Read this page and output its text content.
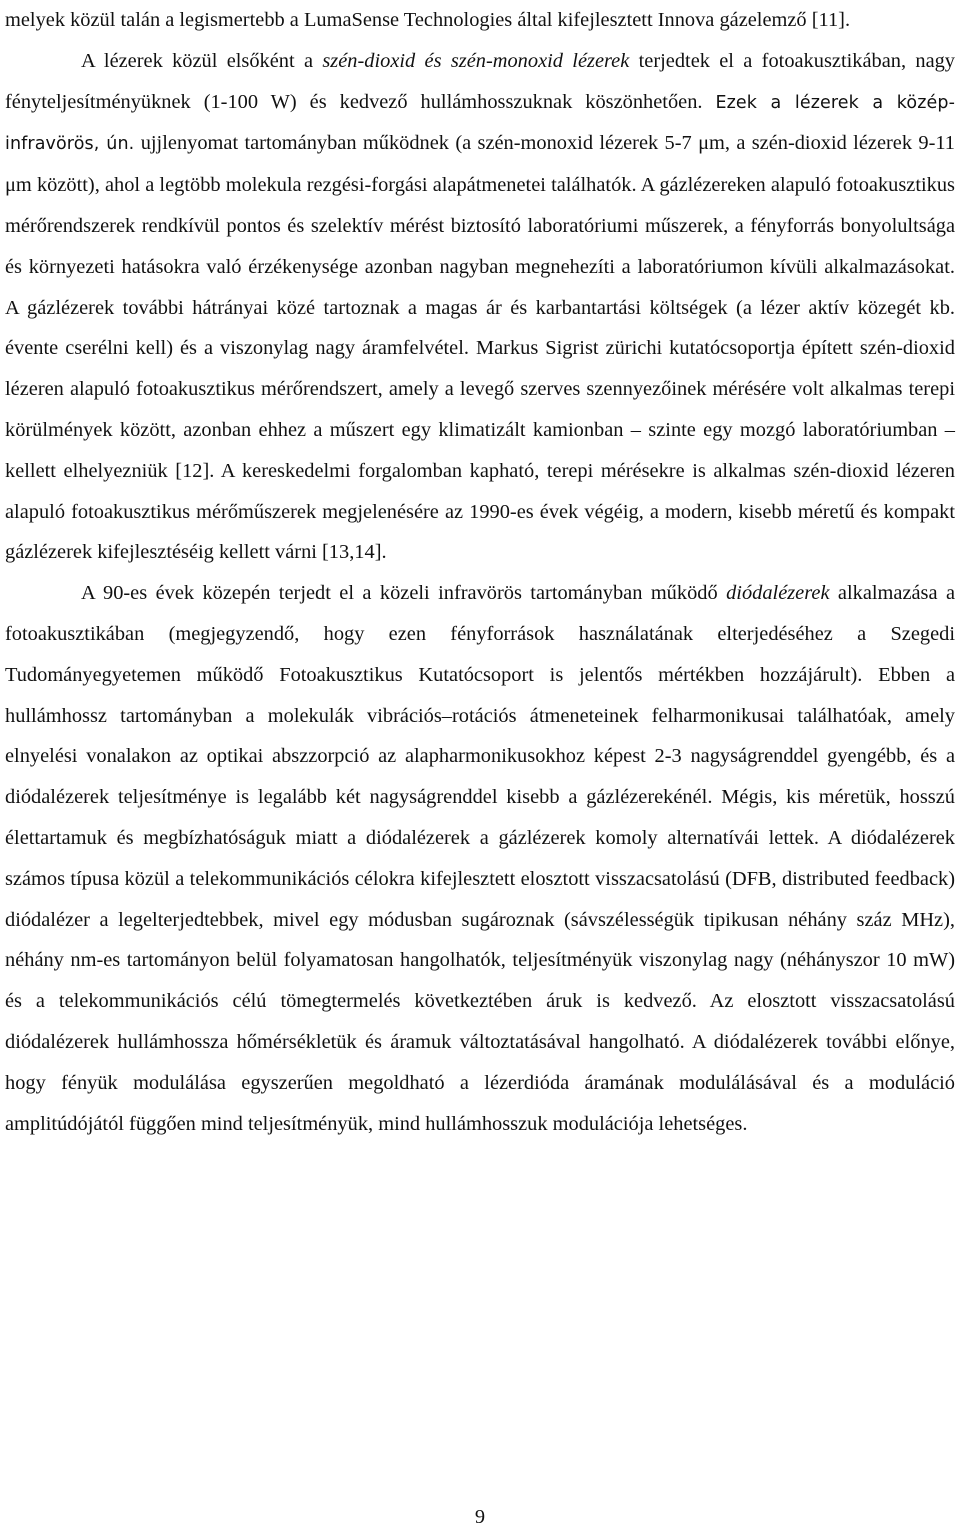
melyek közül talán a legismertebb a LumaSense Technologies által kifejlesztett Innova gázelemző [11].

A lézerek közül elsőként a szén-dioxid és szén-monoxid lézerek terjedtek el a fotoakusztikában, nagy fényteljesítményüknek (1-100 W) és kedvező hullámhosszuknak köszönhetően. Ezek a lézerek a közép-infravörös, ún. ujjlenyomat tartományban működnek (a szén-monoxid lézerek 5-7 μm, a szén-dioxid lézerek 9-11 μm között), ahol a legtöbb molekula rezgési-forgási alapátmenetei találhatók. A gázlézereken alapuló fotoakusztikus mérőrendszerek rendkívül pontos és szelektív mérést biztosító laboratóriumi műszerek, a fényforrás bonyolultsága és környezeti hatásokra való érzékenysége azonban nagyban megnehezíti a laboratóriumon kívüli alkalmazásokat. A gázlézerek további hátrányai közé tartoznak a magas ár és karbantartási költségek (a lézer aktív közegét kb. évente cserélni kell) és a viszonylag nagy áramfelvétel. Markus Sigrist zürichi kutatócsoportja épített szén-dioxid lézeren alapuló fotoakusztikus mérőrendszert, amely a levegő szerves szennyezőinek mérésére volt alkalmas terepi körülmények között, azonban ehhez a műszert egy klimatizált kamionban – szinte egy mozgó laboratóriumban – kellett elhelyezniük [12]. A kereskedelmi forgalomban kapható, terepi mérésekre is alkalmas szén-dioxid lézeren alapuló fotoakusztikus mérőműszerek megjelenésére az 1990-es évek végéig, a modern, kisebb méretű és kompakt gázlézerek kifejlesztéséig kellett várni [13,14].

A 90-es évek közepén terjedt el a közeli infravörös tartományban működő diódalézerek alkalmazása a fotoakusztikában (megjegyzendő, hogy ezen fényforrások használatának elterjedéséhez a Szegedi Tudományegyetemen működő Fotoakusztikus Kutatócsoport is jelentős mértékben hozzájárult). Ebben a hullámhossz tartományban a molekulák vibrációs–rotációs átmeneteinek felharmonikusai találhatóak, amely elnyelési vonalakon az optikai abszzorpció az alapharmonikusokhoz képest 2-3 nagyságrenddel gyengébb, és a diódalézerek teljesítménye is legalább két nagyságrenddel kisebb a gázlézerekénél. Mégis, kis méretük, hosszú élettartamuk és megbízhatóságuk miatt a diódalézerek a gázlézerek komoly alternatívái lettek. A diódalézerek számos típusa közül a telekommunikációs célokra kifejlesztett elosztott visszacsatolású (DFB, distributed feedback) diódalézer a legelterjedtebbek, mivel egy módusban sugároznak (sávszélességük tipikusan néhány száz MHz), néhány nm-es tartományon belül folyamatosan hangolhatók, teljesítményük viszonylag nagy (néhányszor 10 mW) és a telekommunikációs célú tömegtermelés következtében áruk is kedvező. Az elosztott visszacsatolású diódalézerek hullámhossza hőmérsékletük és áramuk változtatásával hangolható. A diódalézerek további előnye, hogy fényük modulálása egyszerűen megoldható a lézerdióda áramának modulálásával és a moduláció amplitúdójától függően mind teljesítményük, mind hullámhosszuk modulációja lehetséges.

9
